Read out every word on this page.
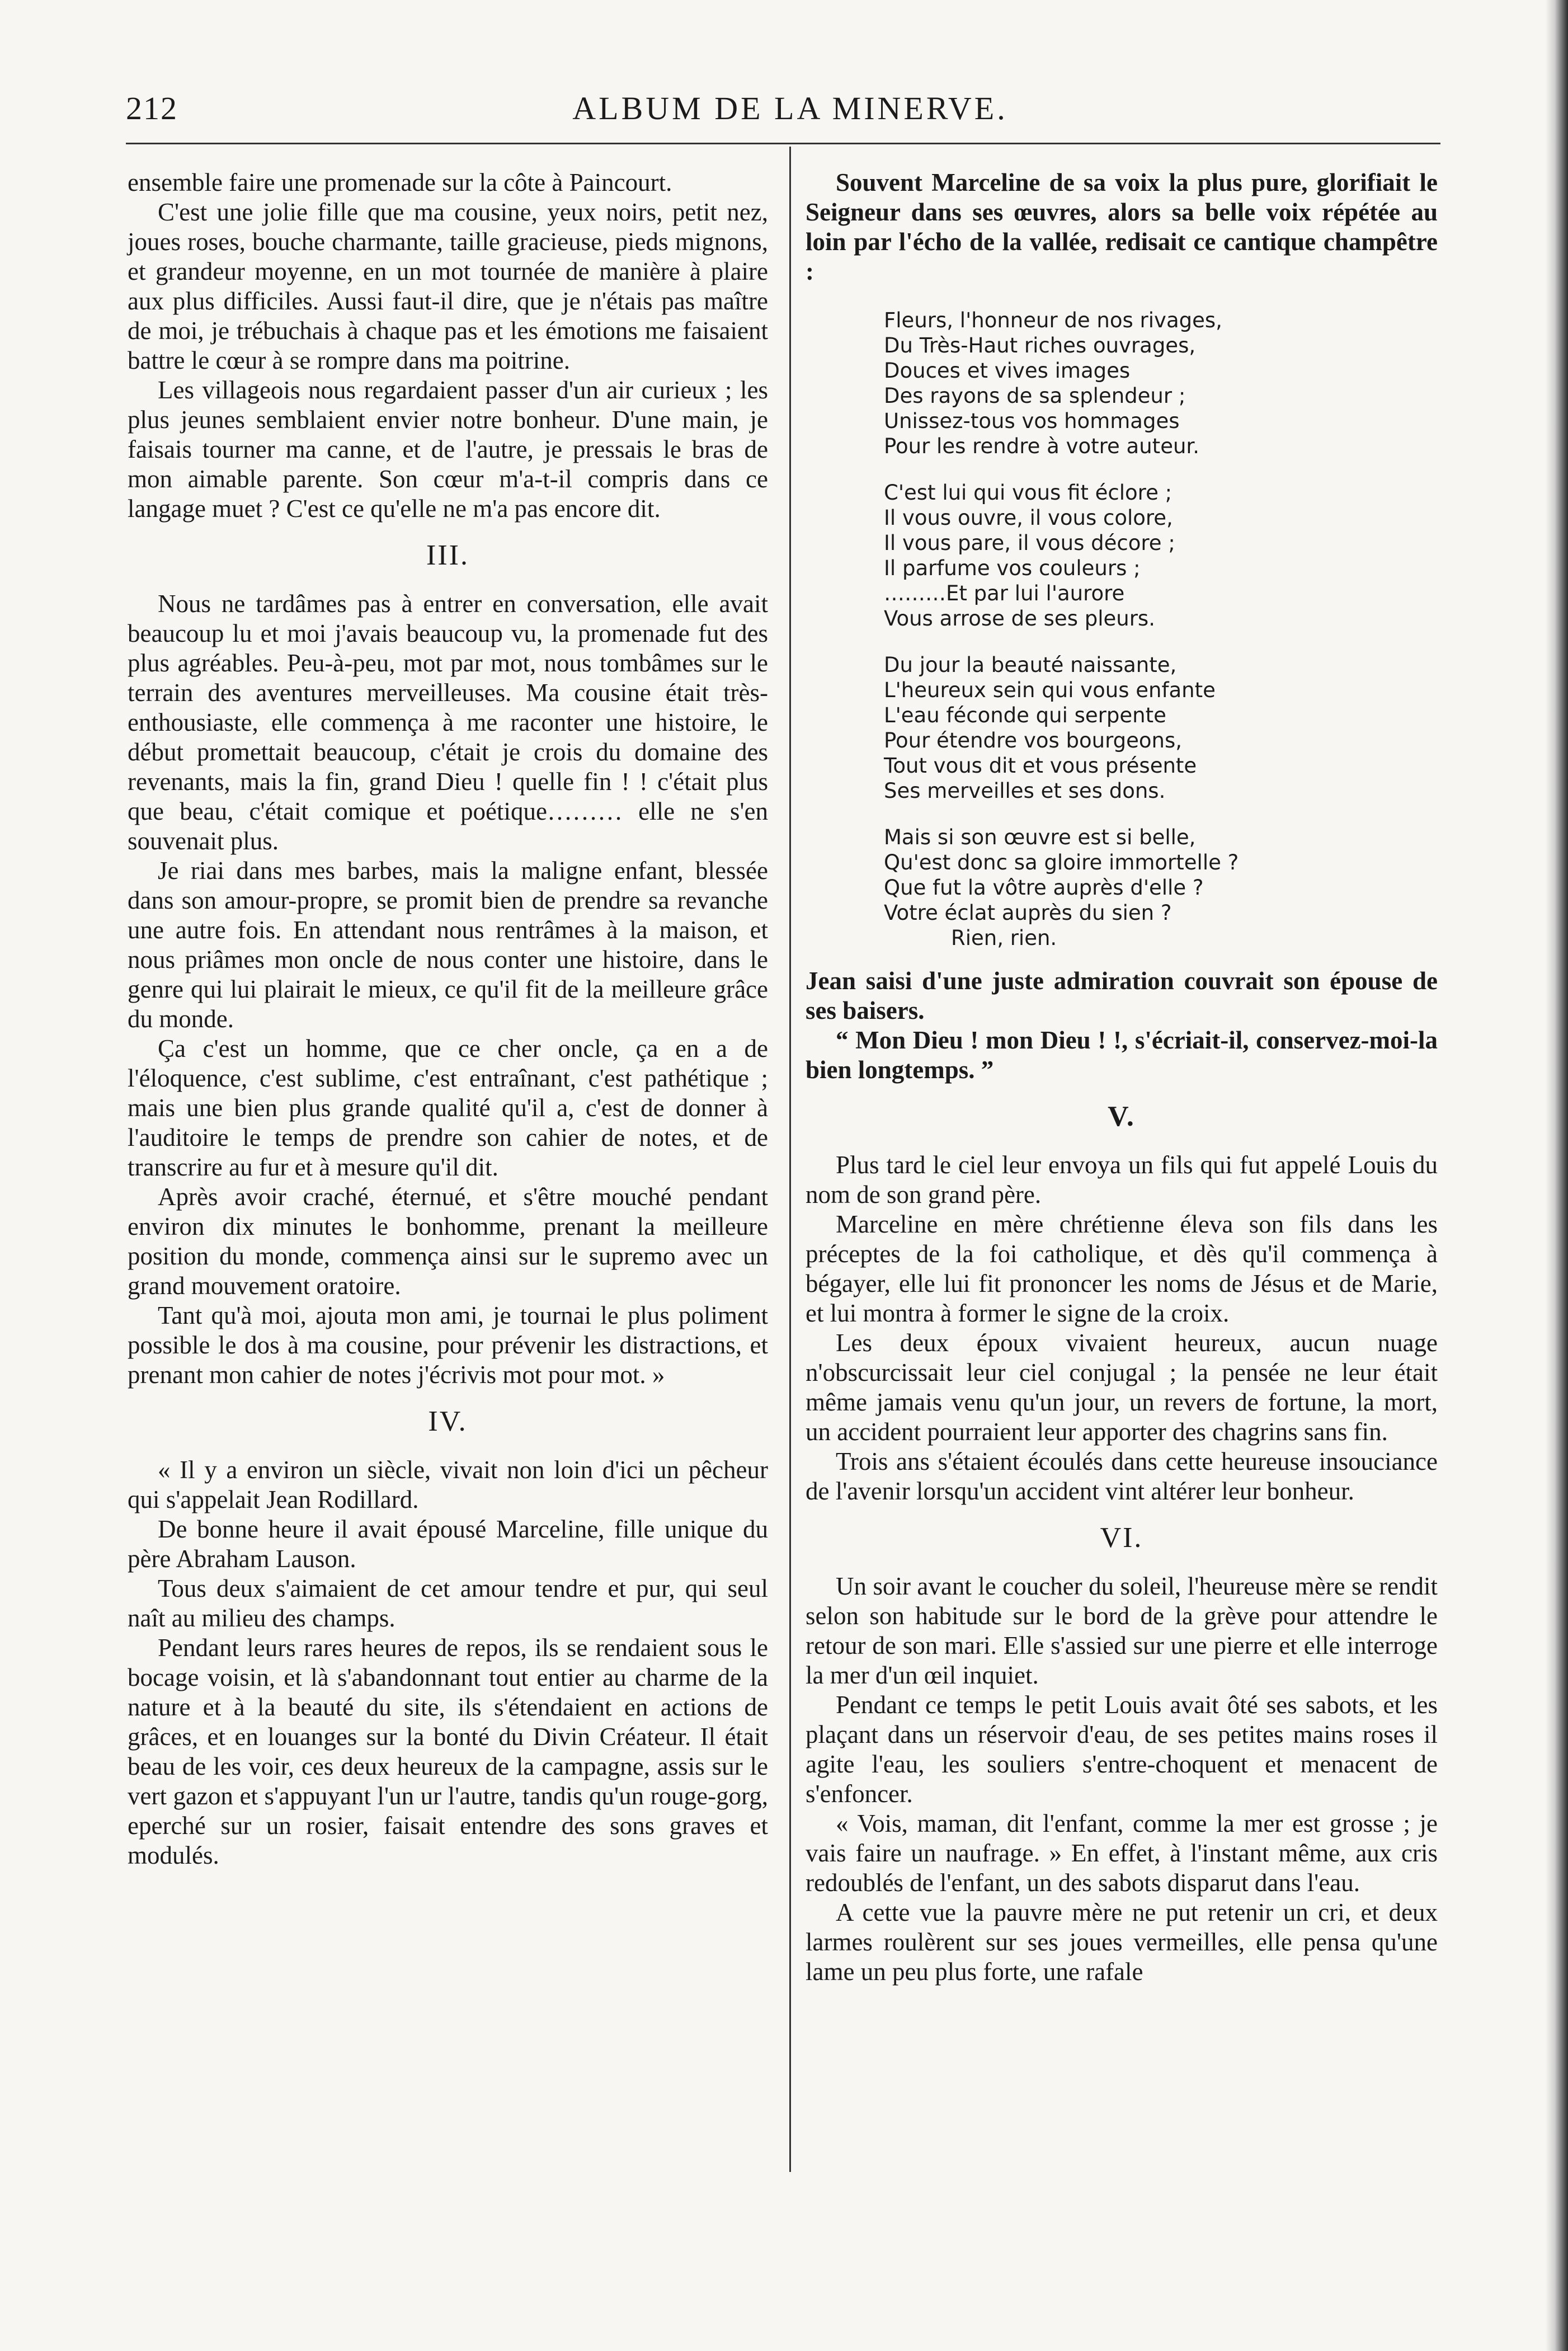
212	ALBUM DE LA MINERVE.

ensemble faire une promenade sur la côte à Paincourt.

C'est une jolie fille que ma cousine, yeux noirs, petit nez, joues roses, bouche charmante, taille gracieuse, pieds mignons, et grandeur moyenne, en un mot tournée de manière à plaire aux plus difficiles. Aussi faut-il dire, que je n'étais pas maître de moi, je trébuchais à chaque pas et les émotions me faisaient battre le cœur à se rompre dans ma poitrine.

Les villageois nous regardaient passer d'un air curieux ; les plus jeunes semblaient envier notre bonheur. D'une main, je faisais tourner ma canne, et de l'autre, je pressais le bras de mon aimable parente. Son cœur m'a-t-il compris dans ce langage muet ? C'est ce qu'elle ne m'a pas encore dit.

III.

Nous ne tardâmes pas à entrer en conversation, elle avait beaucoup lu et moi j'avais beaucoup vu, la promenade fut des plus agréables. Peu-à-peu, mot par mot, nous tombâmes sur le terrain des aventures merveilleuses. Ma cousine était très-enthousiaste, elle commença à me raconter une histoire, le début promettait beaucoup, c'était je crois du domaine des revenants, mais la fin, grand Dieu ! quelle fin ! ! c'était plus que beau, c'était comique et poétique……… elle ne s'en souvenait plus.

Je riai dans mes barbes, mais la maligne enfant, blessée dans son amour-propre, se promit bien de prendre sa revanche une autre fois. En attendant nous rentrâmes à la maison, et nous priâmes mon oncle de nous conter une histoire, dans le genre qui lui plairait le mieux, ce qu'il fit de la meilleure grâce du monde.

Ça c'est un homme, que ce cher oncle, ça en a de l'éloquence, c'est sublime, c'est entraînant, c'est pathétique ; mais une bien plus grande qualité qu'il a, c'est de donner à l'auditoire le temps de prendre son cahier de notes, et de transcrire au fur et à mesure qu'il dit.

Après avoir craché, éternué, et s'être mouché pendant environ dix minutes le bonhomme, prenant la meilleure position du monde, commença ainsi sur le supremo avec un grand mouvement oratoire.

Tant qu'à moi, ajouta mon ami, je tournai le plus poliment possible le dos à ma cousine, pour prévenir les distractions, et prenant mon cahier de notes j'écrivis mot pour mot. »

IV.

« Il y a environ un siècle, vivait non loin d'ici un pêcheur qui s'appelait Jean Rodillard.

De bonne heure il avait épousé Marceline, fille unique du père Abraham Lauson.

Tous deux s'aimaient de cet amour tendre et pur, qui seul naît au milieu des champs.

Pendant leurs rares heures de repos, ils se rendaient sous le bocage voisin, et là s'abandonnant tout entier au charme de la nature et à la beauté du site, ils s'étendaient en actions de grâces, et en louanges sur la bonté du Divin Créateur. Il était beau de les voir, ces deux heureux de la campagne, assis sur le vert gazon et s'appuyant l'un ur l'autre, tandis qu'un rouge-gorg, eperché sur un rosier, faisait entendre des sons graves et modulés.

Souvent Marceline de sa voix la plus pure, glorifiait le Seigneur dans ses œuvres, alors sa belle voix répétée au loin par l'écho de la vallée, redisait ce cantique champêtre :

Fleurs, l'honneur de nos rivages,
Du Très-Haut riches ouvrages,
Douces et vives images
Des rayons de sa splendeur ;
Unissez-tous vos hommages
Pour les rendre à votre auteur.
C'est lui qui vous fit éclore ;
Il vous ouvre, il vous colore,
Il vous pare, il vous décore ;
Il parfume vos couleurs ;
………Et par lui l'aurore
Vous arrose de ses pleurs.
Du jour la beauté naissante,
L'heureux sein qui vous enfante
L'eau féconde qui serpente
Pour étendre vos bourgeons,
Tout vous dit et vous présente
Ses merveilles et ses dons.
Mais si son œuvre est si belle,
Qu'est donc sa gloire immortelle ?
Que fut la vôtre auprès d'elle ?
Votre éclat auprès du sien ?
Rien, rien.

Jean saisi d'une juste admiration couvrait son épouse de ses baisers.

“ Mon Dieu ! mon Dieu ! !, s'écriait-il, conservez-moi-la bien longtemps. ”

V.

Plus tard le ciel leur envoya un fils qui fut appelé Louis du nom de son grand père.

Marceline en mère chrétienne éleva son fils dans les préceptes de la foi catholique, et dès qu'il commença à bégayer, elle lui fit prononcer les noms de Jésus et de Marie, et lui montra à former le signe de la croix.

Les deux époux vivaient heureux, aucun nuage n'obscurcissait leur ciel conjugal ; la pensée ne leur était même jamais venu qu'un jour, un revers de fortune, la mort, un accident pourraient leur apporter des chagrins sans fin.

Trois ans s'étaient écoulés dans cette heureuse insouciance de l'avenir lorsqu'un accident vint altérer leur bonheur.

VI.

Un soir avant le coucher du soleil, l'heureuse mère se rendit selon son habitude sur le bord de la grève pour attendre le retour de son mari. Elle s'assied sur une pierre et elle interroge la mer d'un œil inquiet.

Pendant ce temps le petit Louis avait ôté ses sabots, et les plaçant dans un réservoir d'eau, de ses petites mains roses il agite l'eau, les souliers s'entre-choquent et menacent de s'enfoncer.

« Vois, maman, dit l'enfant, comme la mer est grosse ; je vais faire un naufrage. » En effet, à l'instant même, aux cris redoublés de l'enfant, un des sabots disparut dans l'eau.

A cette vue la pauvre mère ne put retenir un cri, et deux larmes roulèrent sur ses joues vermeilles, elle pensa qu'une lame un peu plus forte, une rafale
